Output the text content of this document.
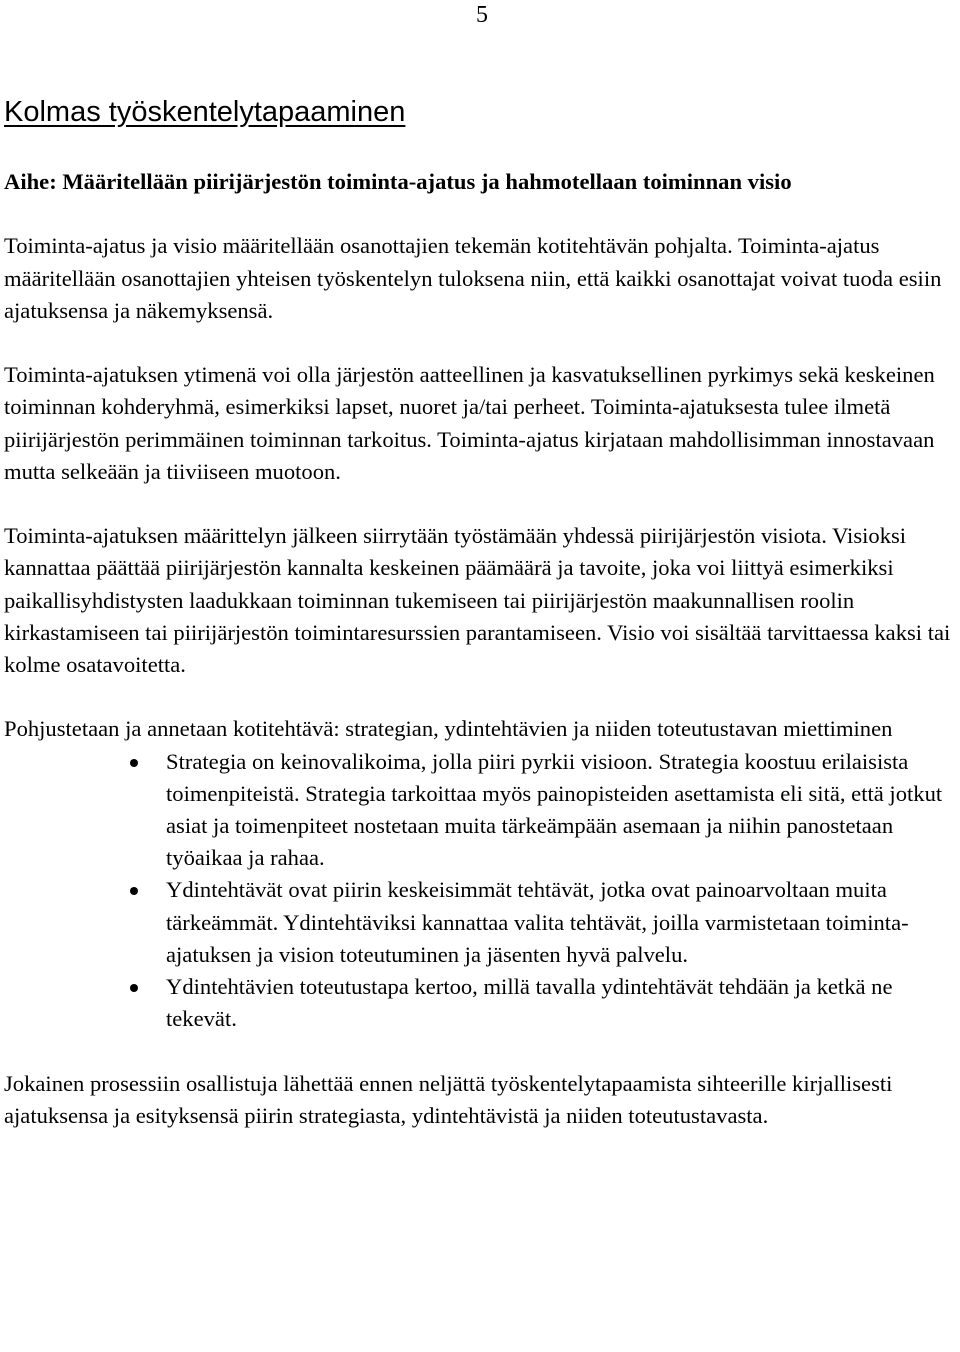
5
Kolmas työskentelytapaaminen

Aihe: Määritellään piirijärjestön toiminta-ajatus ja hahmotellaan toiminnan visio

Toiminta-ajatus ja visio määritellään osanottajien tekemän kotitehtävän pohjalta. Toiminta-ajatus määritellään osanottajien yhteisen työskentelyn tuloksena niin, että kaikki osanottajat voivat tuoda esiin ajatuksensa ja näkemyksensä.

Toiminta-ajatuksen ytimenä voi olla järjestön aatteellinen ja kasvatuksellinen pyrkimys sekä keskeinen toiminnan kohderyhmä, esimerkiksi lapset, nuoret ja/tai perheet. Toiminta-ajatuksesta tulee ilmetä piirijärjestön perimmäinen toiminnan tarkoitus. Toiminta-ajatus kirjataan mahdollisimman innostavaan mutta selkeään ja tiiviiseen muotoon.

Toiminta-ajatuksen määrittelyn jälkeen siirrytään työstämään yhdessä piirijärjestön visiota. Visioksi kannattaa päättää piirijärjestön kannalta keskeinen päämäärä ja tavoite, joka voi liittyä esimerkiksi paikallisyhdistysten laadukkaan toiminnan tukemiseen tai piirijärjestön maakunnallisen roolin kirkastamiseen tai piirijärjestön toimintaresurssien parantamiseen. Visio voi sisältää tarvittaessa kaksi tai kolme osatavoitetta.

Pohjustetaan ja annetaan kotitehtävä: strategian, ydintehtävien ja niiden toteutustavan miettiminen

Strategia on keinovalikoima, jolla piiri pyrkii visioon. Strategia koostuu erilaisista toimenpiteistä. Strategia tarkoittaa myös painopisteiden asettamista eli sitä, että jotkut asiat ja toimenpiteet nostetaan muita tärkeämpään asemaan ja niihin panostetaan työaikaa ja rahaa.
Ydintehtävät ovat piirin keskeisimmät tehtävät, jotka ovat painoarvoltaan muita tärkeämmät. Ydintehtäviksi kannattaa valita tehtävät, joilla varmistetaan toiminta-ajatuksen ja vision toteutuminen ja jäsenten hyvä palvelu.
Ydintehtävien toteutustapa kertoo, millä tavalla ydintehtävät tehdään ja ketkä ne tekevät.

Jokainen prosessiin osallistuja lähettää ennen neljättä työskentelytapaamista sihteerille kirjallisesti ajatuksensa ja esityksensä piirin strategiasta, ydintehtävistä ja niiden toteutustavasta.
